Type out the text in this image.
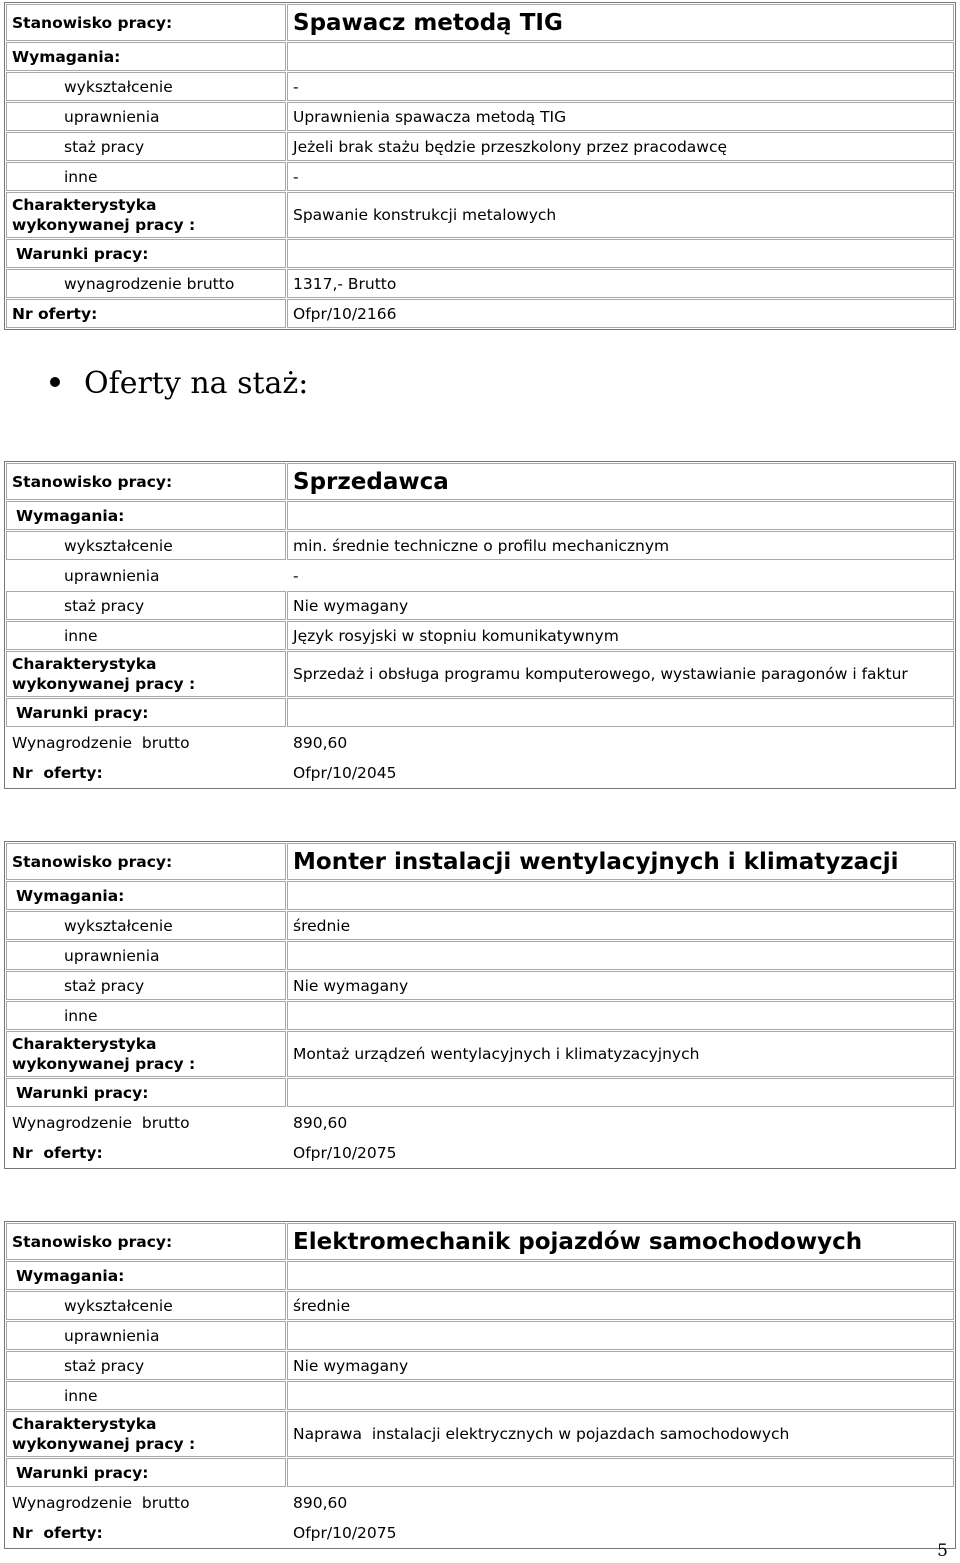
Stanowisko pracy:	Spawacz metodą TIG
Wymagania:	
wykształcenie	-
uprawnienia	Uprawnienia spawacza metodą TIG
staż pracy	Jeżeli brak stażu będzie przeszkolony przez pracodawcę
inne	-
Charakterystyka
wykonywanej pracy :	Spawanie konstrukcji metalowych
Warunki pracy:	
wynagrodzenie brutto	1317,- Brutto
Nr oferty:	Ofpr/10/2166
Oferty na staż:
Stanowisko pracy:	Sprzedawca
Wymagania:	
wykształcenie	min. średnie techniczne o profilu mechanicznym
uprawnienia	-
staż pracy	Nie wymagany
inne	Język rosyjski w stopniu komunikatywnym
Charakterystyka
wykonywanej pracy :	Sprzedaż i obsługa programu komputerowego, wystawianie paragonów i faktur
Warunki pracy:	
Wynagrodzenie  brutto	890,60
Nr  oferty:	Ofpr/10/2045
Stanowisko pracy:	Monter instalacji wentylacyjnych i klimatyzacji
Wymagania:	
wykształcenie	średnie
uprawnienia	
staż pracy	Nie wymagany
inne	
Charakterystyka
wykonywanej pracy :	Montaż urządzeń wentylacyjnych i klimatyzacyjnych
Warunki pracy:	
Wynagrodzenie  brutto	890,60
Nr  oferty:	Ofpr/10/2075
Stanowisko pracy:	Elektromechanik pojazdów samochodowych
Wymagania:	
wykształcenie	średnie
uprawnienia	
staż pracy	Nie wymagany
inne	
Charakterystyka
wykonywanej pracy :	Naprawa  instalacji elektrycznych w pojazdach samochodowych
Warunki pracy:	
Wynagrodzenie  brutto	890,60
Nr  oferty:	Ofpr/10/2075
5
